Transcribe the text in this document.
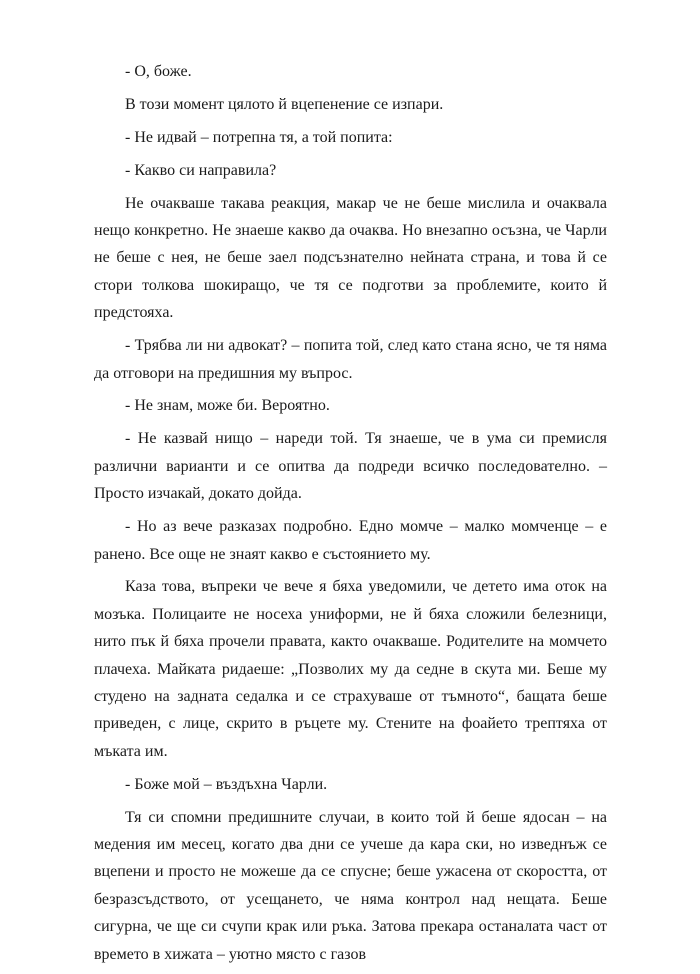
- О, боже.

В този момент цялото й вцепенение се изпари.

- Не идвай – потрепна тя, а той попита:

- Какво си направила?

Не очакваше такава реакция, макар че не беше мислила и очаквала нещо конкретно. Не знаеше какво да очаква. Но внезапно осъзна, че Чарли не беше с нея, не беше заел подсъзнателно нейната страна, и това й се стори толкова шокиращо, че тя се подготви за проблемите, които й предстояха.

- Трябва ли ни адвокат? – попита той, след като стана ясно, че тя няма да отговори на предишния му въпрос.

- Не знам, може би. Вероятно.

- Не казвай нищо – нареди той. Тя знаеше, че в ума си премисля различни варианти и се опитва да подреди всичко последователно. – Просто изчакай, докато дойда.

- Но аз вече разказах подробно. Едно момче – малко момченце – е ранено. Все още не знаят какво е състоянието му.

Каза това, въпреки че вече я бяха уведомили, че детето има оток на мозъка. Полицаите не носеха униформи, не й бяха сложили белезници, нито пък й бяха прочели правата, както очакваше. Родителите на момчето плачеха. Майката ридаеше: „Позволих му да седне в скута ми. Беше му студено на задната седалка и се страхуваше от тъмното“, бащата беше приведен, с лице, скрито в ръцете му. Стените на фоайето трептяха от мъката им.

- Боже мой – въздъхна Чарли.

Тя си спомни предишните случаи, в които той й беше ядосан – на медения им месец, когато два дни се учеше да кара ски, но изведнъж се вцепени и просто не можеше да се спусне; беше ужасена от скоростта, от безразсъдството, от усещането, че няма контрол над нещата. Беше сигурна, че ще си счупи крак или ръка. Затова прекара останалата част от времето в хижата – уютно място с газов
